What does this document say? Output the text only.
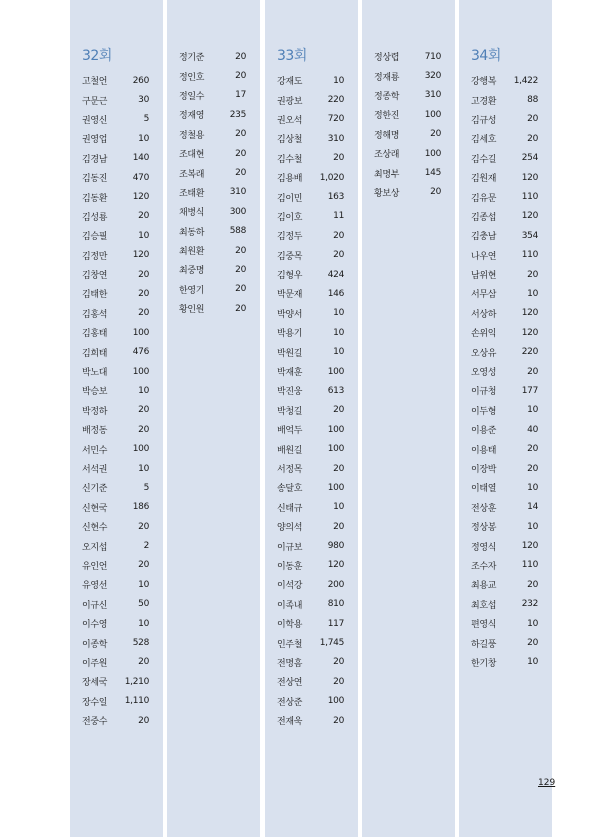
32회
고철언	260
구문근	30
권영신	5
권영업	10
김경남	140
김동진	470
김동환	120
김성룡	20
김승필	10
김정만	120
김창연	20
김태한	20
김홍석	20
김홍태	100
김희태	476
박노대	100
박승보	10
박정하	20
배정동	20
서민수	100
서석권	10
신기준	5
신현국	186
신현수	20
오지섭	2
유인언	20
유영선	10
이규신	50
이수영	10
이종학	528
이주원	20
장세국 1,210
장수일 1,110
전중수	20
정기준	20
정인호	20
정일수	17
정재영	235
정철용	20
조대현	20
조복래	20
조태환	310
채병식	300
최동하	588
최원환	20
최중명	20
한영기	20
황인원	20
33회
강재도	10
권광보	220
권오석	720
김상철	310
김수철	20
김용배 1,020
김이민	163
김이호	11
김정두	20
김중목	20
김형우	424
박문재	146
박양서	10
박용기	10
박원길	10
박재훈	100
박진웅	613
박청길	20
배억두	100
배원길	100
서정목	20
송달호	100
신태규	10
양의석	20
이규보	980
이동훈	120
이석강	200
이족내	810
이학용	117
인주철 1,745
전명흠	20
전상연	20
전상준	100
전재욱	20
정상렵	710
정재룡	320
정종학	310
정한진	100
정해명	20
조상래	100
최명부	145
황보상	20
34회
강행복 1,422
고경환	88
김규성	20
김세호	20
김수길	254
김원재	120
김유문	110
김종섭	120
김충남	354
나우연	110
남위현	20
서무삼	10
서상하	120
손위익	120
오상유	220
오영성	20
이규청	177
이두형	10
이용준	40
이용태	20
이장박	20
이태열	10
전상훈	14
정상봉	10
정영식	120
조수자	110
최용교	20
최호섭	232
편영식	10
하길풍	20
한기창	10
129
